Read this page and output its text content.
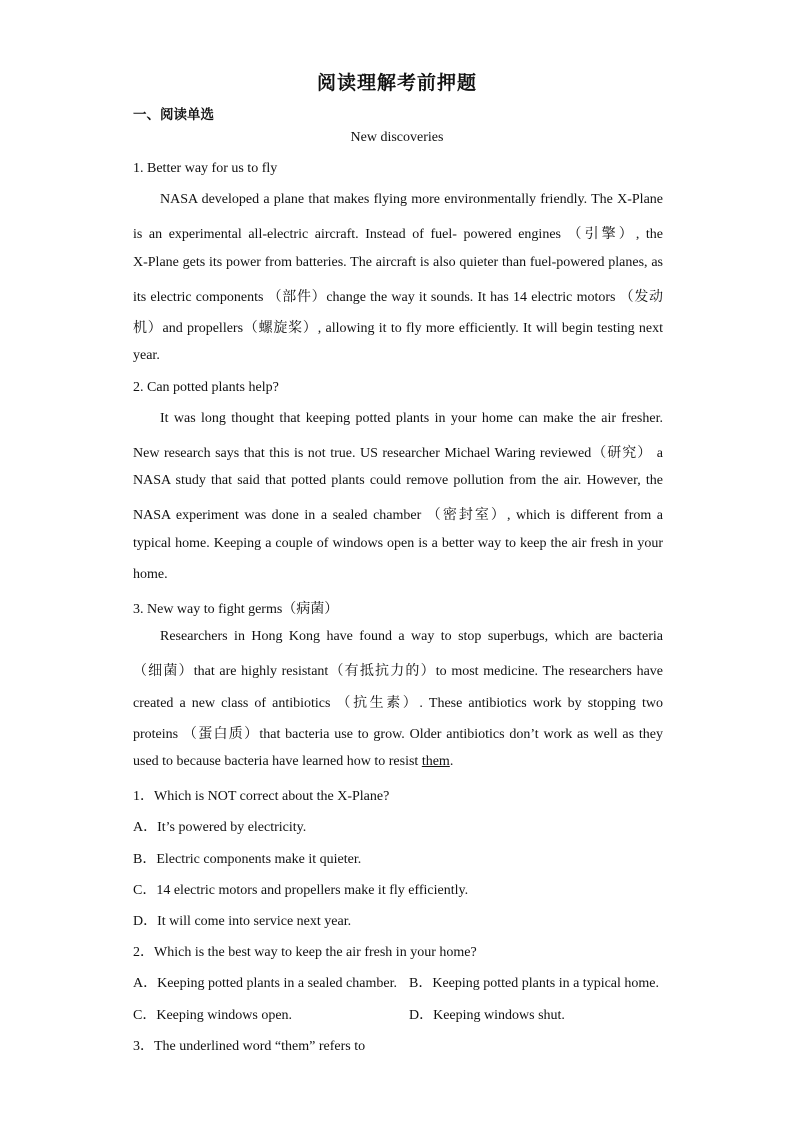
阅读理解考前押题
一、阅读单选
New discoveries
1. Better way for us to fly
NASA developed a plane that makes flying more environmentally friendly. The X-Plane
is an experimental all-electric aircraft. Instead of fuel- powered engines （引擎）, the
X-Plane gets its power from batteries. The aircraft is also quieter than fuel-powered planes, as
its electric components （部件）change the way it sounds. It has 14 electric motors （发动
机）and propellers（螺旋桨）, allowing it to fly more efficiently. It will begin testing next
year.
2. Can potted plants help?
It was long thought that keeping potted plants in your home can make the air fresher.
New research says that this is not true. US researcher Michael Waring reviewed（研究） a
NASA study that said that potted plants could remove pollution from the air. However, the
NASA experiment was done in a sealed chamber （密封室）, which is different from a
typical home. Keeping a couple of windows open is a better way to keep the air fresh in your
home.
3. New way to fight germs（病菌）
Researchers in Hong Kong have found a way to stop superbugs, which are bacteria
（细菌）that are highly resistant（有抵抗力的）to most medicine. The researchers have
created a new class of antibiotics （抗生素）. These antibiotics work by stopping two
proteins （蛋白质）that bacteria use to grow. Older antibiotics don’t work as well as they
used to because bacteria have learned how to resist them.
1．Which is NOT correct about the X-Plane?
A．It’s powered by electricity.
B．Electric components make it quieter.
C．14 electric motors and propellers make it fly efficiently.
D．It will come into service next year.
2．Which is the best way to keep the air fresh in your home?
A．Keeping potted plants in a sealed chamber. B．Keeping potted plants in a typical home.
C．Keeping windows open.	D．Keeping windows shut.
3．The underlined word “them” refers to
